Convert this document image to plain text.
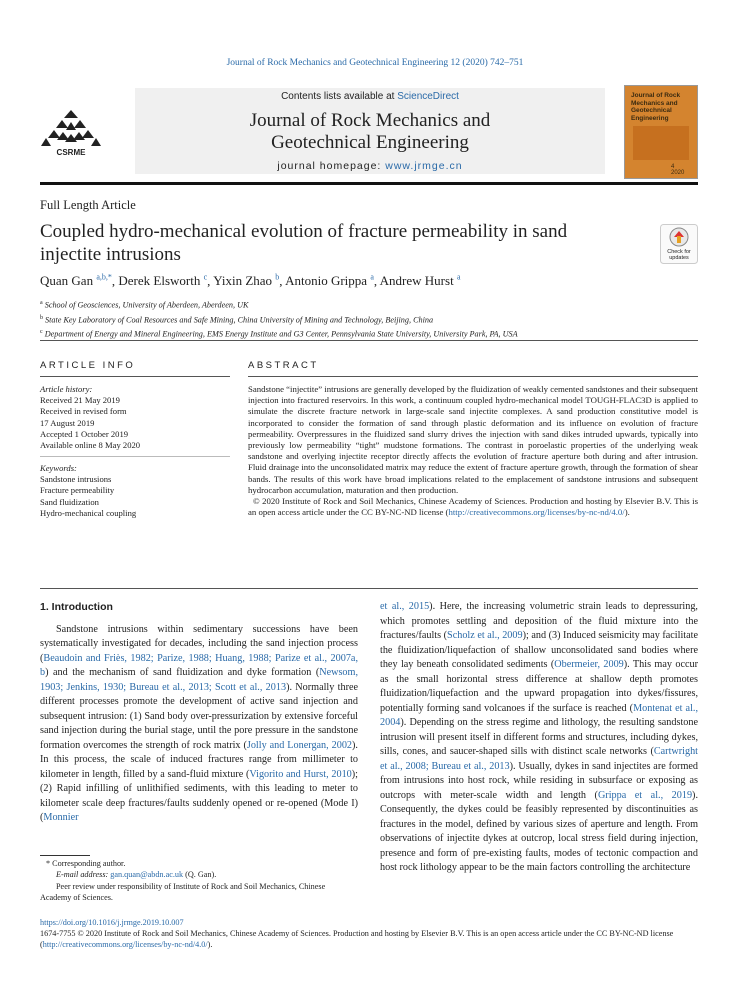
Journal of Rock Mechanics and Geotechnical Engineering 12 (2020) 742–751
CSRME
Contents lists available at ScienceDirect
Journal of Rock Mechanics and
Geotechnical Engineering
journal homepage: www.jrmge.cn
Journal of Rock Mechanics and Geotechnical Engineering
4
2020
Full Length Article
Coupled hydro-mechanical evolution of fracture permeability in sand injectite intrusions	Check for updates
Quan Gan $^{a,b,*}$, Derek Elsworth $^c$, Yixin Zhao $^b$, Antonio Grippa $^a$, Andrew Hurst $^a$
$^a$ School of Geosciences, University of Aberdeen, Aberdeen, UK
$^b$ State Key Laboratory of Coal Resources and Safe Mining, China University of Mining and Technology, Beijing, China
$^c$ Department of Energy and Mineral Engineering, EMS Energy Institute and G3 Center, Pennsylvania State University, University Park, PA, USA
ARTICLE INFO
Article history:
Received 21 May 2019
Received in revised form
17 August 2019
Accepted 1 October 2019
Available online 8 May 2020
Keywords:
Sandstone intrusions
Fracture permeability
Sand fluidization
Hydro-mechanical coupling
ABSTRACT

Sandstone “injectite” intrusions are generally developed by the fluidization of weakly cemented sandstones and their subsequent injection into fractured reservoirs. In this work, a continuum coupled hydro-mechanical model TOUGH-FLAC3D is applied to simulate the discrete fracture network in large-scale sand injectite complexes. A sand production constitutive model is incorporated to consider the formation of sand through plastic deformation and its influence on evolution of fracture permeability. Overpressures in the fluidized sand slurry drives the injection with sand dikes intruded upwards, typically into previously low permeability “tight” mudstone formations. The contrast in poroelastic properties of the underlying weak sandstone and overlying injectite receptor directly affects the evolution of fracture aperture both during and after intrusion. Fluid drainage into the unconsolidated matrix may reduce the extent of fracture aperture growth, through the formation of shear bands. The results of this work have broad implications related to the emplacement of sandstone intrusions and subsequent hydrocarbon accumulation, maturation and then production.

© 2020 Institute of Rock and Soil Mechanics, Chinese Academy of Sciences. Production and hosting by Elsevier B.V. This is an open access article under the CC BY-NC-ND license (http://creativecommons.org/licenses/by-nc-nd/4.0/).

1. Introduction

Sandstone intrusions within sedimentary successions have been systematically investigated for decades, including the sand injection process (Beaudoin and Friès, 1982; Parize, 1988; Huang, 1988; Parize et al., 2007a, b) and the mechanism of sand fluidization and dyke formation (Newsom, 1903; Jenkins, 1930; Bureau et al., 2013; Scott et al., 2013). Normally three different processes promote the development of active sand injection and subsequent intrusion: (1) Sand body over-pressurization by extensive forceful sand injection during the burial stage, until the pore pressure in the sandstone formation overcomes the strength of rock matrix (Jolly and Lonergan, 2002). In this process, the scale of induced fractures range from millimeter to kilometer in length, filled by a sand-fluid mixture (Vigorito and Hurst, 2010); (2) Rapid infilling of unlithified sediments, with this leading to meter to kilometer scale deep fractures/faults suddenly opened or re-opened (Mode I) (Monnier

et al., 2015). Here, the increasing volumetric strain leads to depressuring, which promotes settling and deposition of the fluid mixture into the fractures/faults (Scholz et al., 2009); and (3) Induced seismicity may facilitate the fluidization/liquefaction of shallow unconsolidated sand bodies where they lay beneath consolidated sediments (Obermeier, 2009). This may occur as the small horizontal stress difference at shallow depth promotes fluidization/liquefaction and the upward propagation into dykes/fissures, potentially forming sand volcanoes if the surface is reached (Montenat et al., 2004). Depending on the stress regime and lithology, the resulting sandstone intrusion will present itself in different forms and structures, including dykes, sills, cones, and saucer-shaped sills with distinct scale networks (Cartwright et al., 2008; Bureau et al., 2013). Usually, dykes in sand injectites are formed from intrusions into host rock, while residing in subsurface or exposing as outcrops with meter-scale width and length (Grippa et al., 2019). Consequently, the dykes could be feasibly represented by discontinuities as fractures in the model, defined by various sizes of aperture and length. From observations of injectite dykes at outcrop, local stress field during injection, presence and form of pre-existing faults, modes of tectonic compaction and host rock lithology appear to be the main factors controlling the architecture

* Corresponding author.

E-mail address: gan.quan@abdn.ac.uk (Q. Gan).

Peer review under responsibility of Institute of Rock and Soil Mechanics, Chinese Academy of Sciences.

https://doi.org/10.1016/j.jrmge.2019.10.007

1674-7755 © 2020 Institute of Rock and Soil Mechanics, Chinese Academy of Sciences. Production and hosting by Elsevier B.V. This is an open access article under the CC BY-NC-ND license (http://creativecommons.org/licenses/by-nc-nd/4.0/).
